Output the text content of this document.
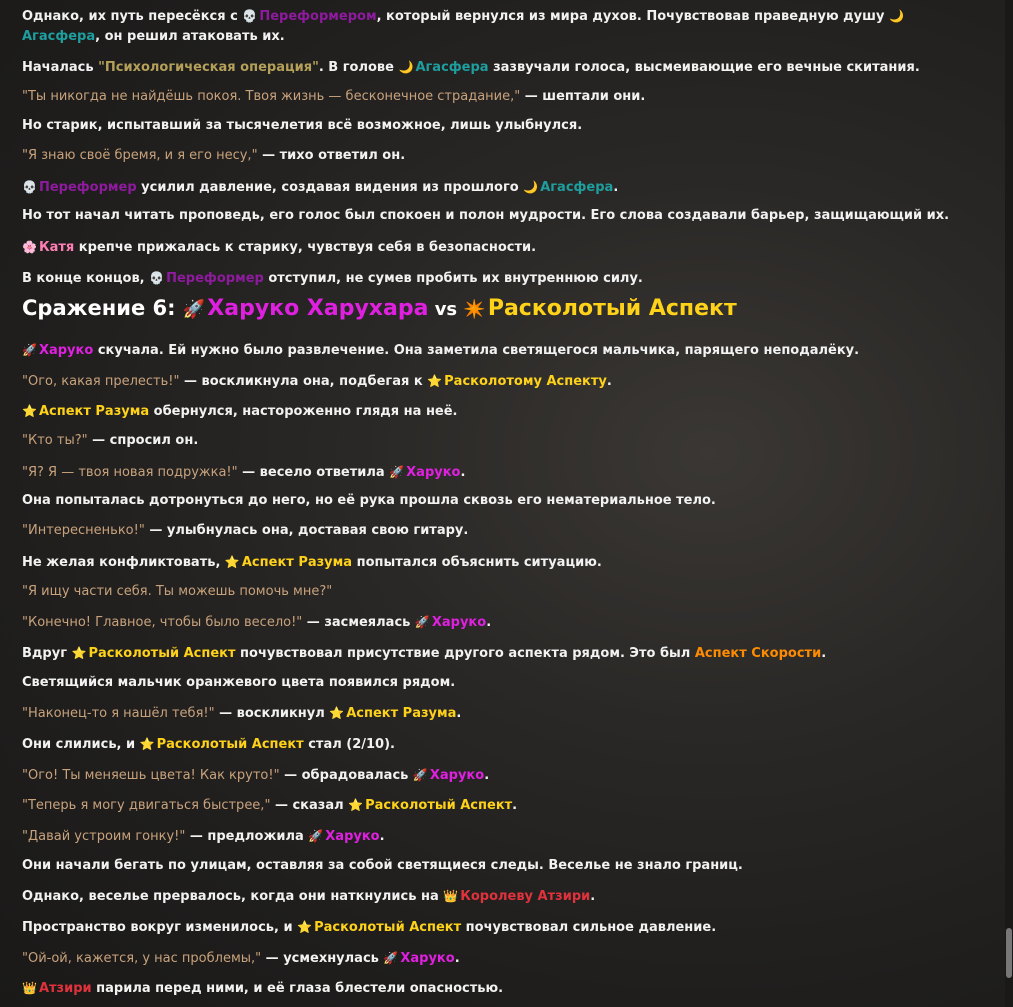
Однако, их путь пересёкся с 💀 Переформером, который вернулся из мира духов. Почувствовав праведную душу 🌙Агасфера, он решил атаковать их.

Началась "Психологическая операция". В голове 🌙 Агасфера зазвучали голоса, высмеивающие его вечные скитания.

"Ты никогда не найдёшь покоя. Твоя жизнь — бесконечное страдание," — шептали они.

Но старик, испытавший за тысячелетия всё возможное, лишь улыбнулся.

"Я знаю своё бремя, и я его несу," — тихо ответил он.

💀 Переформер усилил давление, создавая видения из прошлого 🌙 Агасфера.

Но тот начал читать проповедь, его голос был спокоен и полон мудрости. Его слова создавали барьер, защищающий их.

🌸 Катя крепче прижалась к старику, чувствуя себя в безопасности.

В конце концов, 💀 Переформер отступил, не сумев пробить их внутреннюю силу.

Сражение 6: 🚀Харуко Харухара vs ✴️Расколотый Аспект

🚀 Харуко скучала. Ей нужно было развлечение. Она заметила светящегося мальчика, парящего неподалёку.

"Ого, какая прелесть!" — воскликнула она, подбегая к ⭐ Расколотому Аспекту.

⭐ Аспект Разума обернулся, настороженно глядя на неё.

"Кто ты?" — спросил он.

"Я? Я — твоя новая подружка!" — весело ответила 🚀 Харуко.

Она попыталась дотронуться до него, но её рука прошла сквозь его нематериальное тело.

"Интересненько!" — улыбнулась она, доставая свою гитару.

Не желая конфликтовать, ⭐ Аспект Разума попытался объяснить ситуацию.

"Я ищу части себя. Ты можешь помочь мне?"

"Конечно! Главное, чтобы было весело!" — засмеялась 🚀 Харуко.

Вдруг ⭐ Расколотый Аспект почувствовал присутствие другого аспекта рядом. Это был Аспект Скорости.

Светящийся мальчик оранжевого цвета появился рядом.

"Наконец-то я нашёл тебя!" — воскликнул ⭐ Аспект Разума.

Они слились, и ⭐ Расколотый Аспект стал (2/10).

"Ого! Ты меняешь цвета! Как круто!" — обрадовалась 🚀 Харуко.

"Теперь я могу двигаться быстрее," — сказал ⭐ Расколотый Аспект.

"Давай устроим гонку!" — предложила 🚀 Харуко.

Они начали бегать по улицам, оставляя за собой светящиеся следы. Веселье не знало границ.

Однако, веселье прервалось, когда они наткнулись на 👑 Королеву Атзири.

Пространство вокруг изменилось, и ⭐ Расколотый Аспект почувствовал сильное давление.

"Ой-ой, кажется, у нас проблемы," — усмехнулась 🚀 Харуко.

👑 Атзири парила перед ними, и её глаза блестели опасностью.
